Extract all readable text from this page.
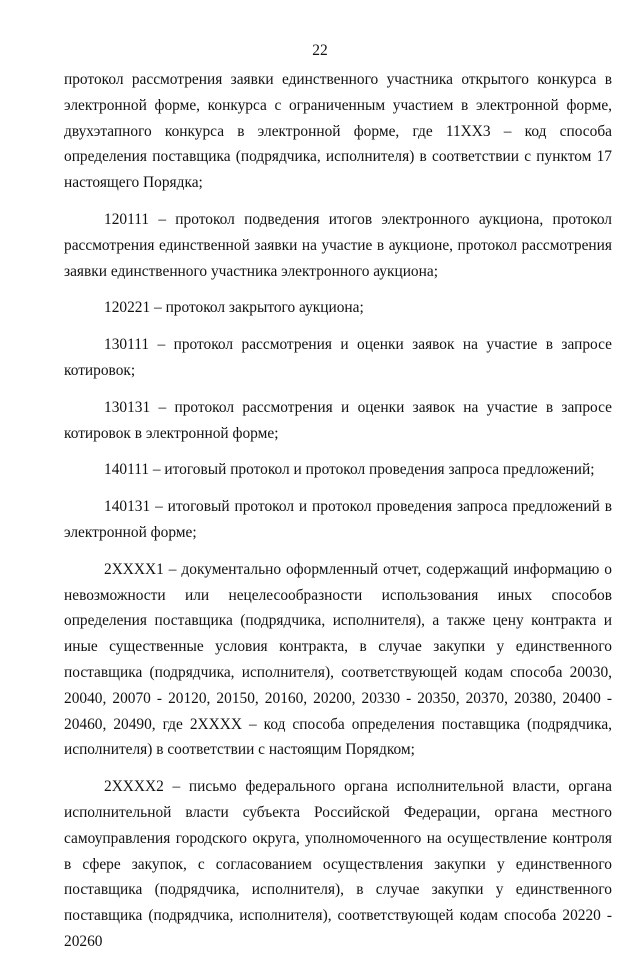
22

протокол рассмотрения заявки единственного участника открытого конкурса в электронной форме, конкурса с ограниченным участием в электронной форме, двухэтапного конкурса в электронной форме, где 11ХХ3 – код способа определения поставщика (подрядчика, исполнителя) в соответствии с пунктом 17 настоящего Порядка;

120111 – протокол подведения итогов электронного аукциона, протокол рассмотрения единственной заявки на участие в аукционе, протокол рассмотрения заявки единственного участника электронного аукциона;

120221 – протокол закрытого аукциона;

130111 – протокол рассмотрения и оценки заявок на участие в запросе котировок;

130131 – протокол рассмотрения и оценки заявок на участие в запросе котировок в электронной форме;

140111 – итоговый протокол и протокол проведения запроса предложений;

140131 – итоговый протокол и протокол проведения запроса предложений в электронной форме;

2ХХХХ1 – документально оформленный отчет, содержащий информацию о невозможности или нецелесообразности использования иных способов определения поставщика (подрядчика, исполнителя), а также цену контракта и иные существенные условия контракта, в случае закупки у единственного поставщика (подрядчика, исполнителя), соответствующей кодам способа 20030, 20040, 20070 - 20120, 20150, 20160, 20200, 20330 - 20350, 20370, 20380, 20400 - 20460, 20490, где 2ХХХХ – код способа определения поставщика (подрядчика, исполнителя) в соответствии с настоящим Порядком;

2ХХХХ2 – письмо федерального органа исполнительной власти, органа исполнительной власти субъекта Российской Федерации, органа местного самоуправления городского округа, уполномоченного на осуществление контроля в сфере закупок, с согласованием осуществления закупки у единственного поставщика (подрядчика, исполнителя), в случае закупки у единственного поставщика (подрядчика, исполнителя), соответствующей кодам способа 20220 - 20260
